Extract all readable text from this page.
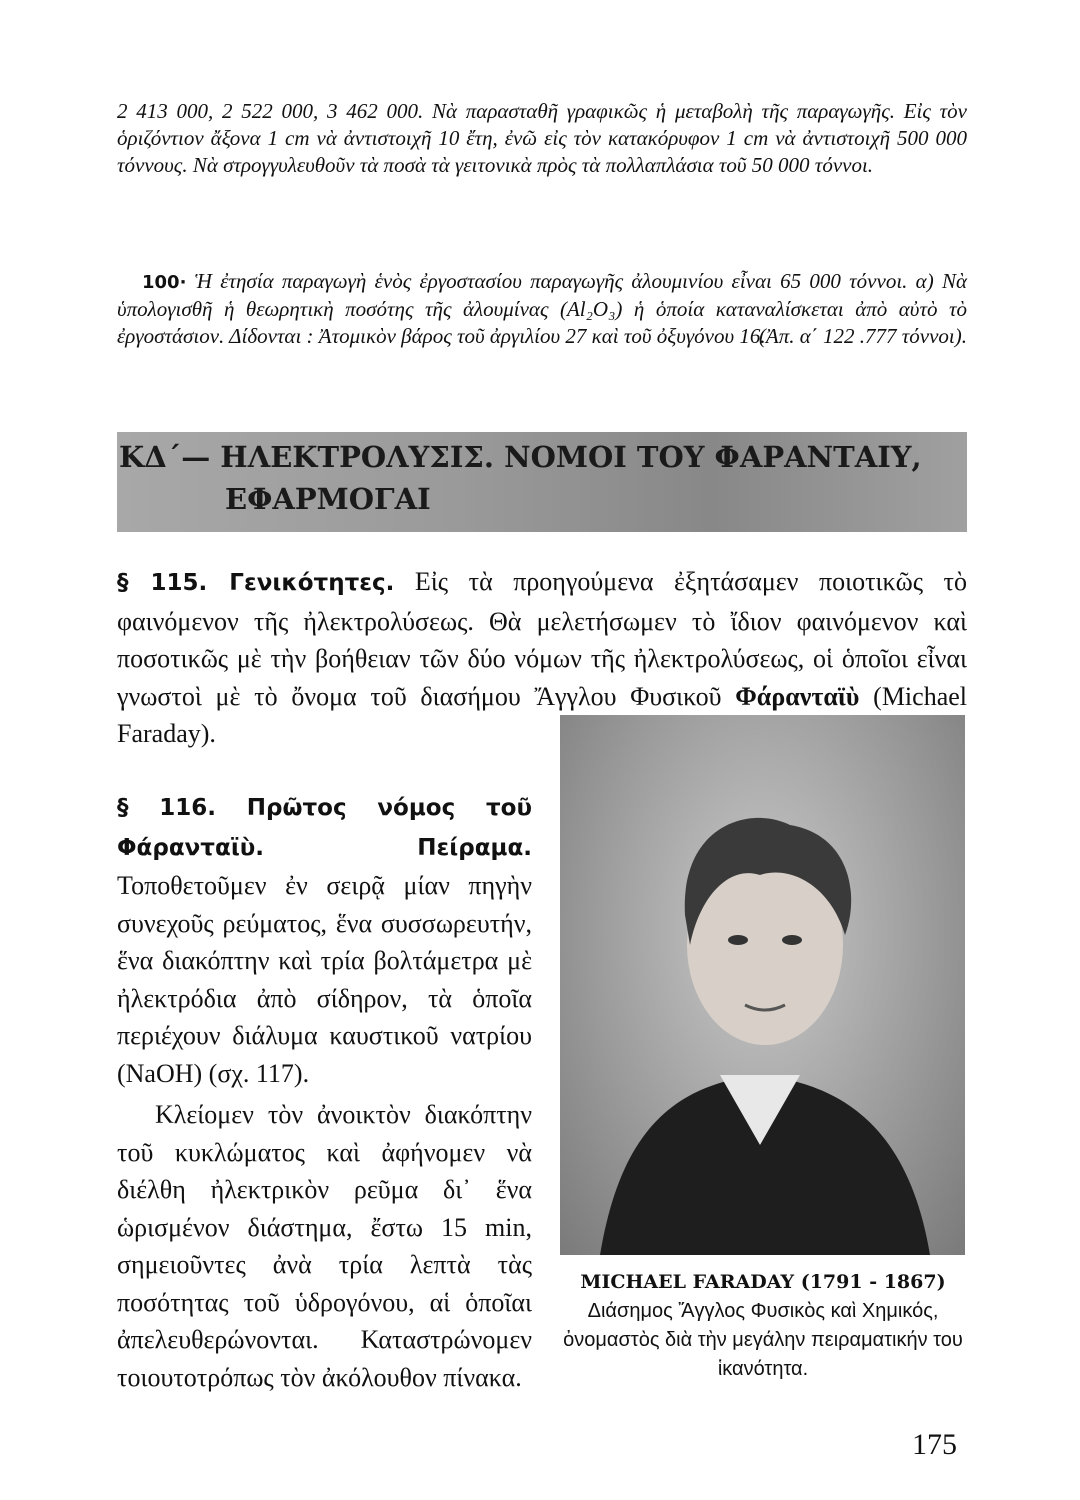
2 413 000, 2 522 000, 3 462 000. Νὰ παρασταθῆ γραφικῶς ἡ μεταβολὴ τῆς παραγωγῆς. Εἰς τὸν ὁριζόντιον ἄξονα 1 cm νὰ ἀντιστοιχῆ 10 ἔτη, ἐνῶ εἰς τὸν κατακόρυφον 1 cm νὰ ἀντιστοιχῆ 500 000 τόννους. Νὰ στρογγυλευθοῦν τὰ ποσὰ τὰ γειτονικὰ πρὸς τὰ πολλαπλάσια τοῦ 50 000 τόννοι.

100· Ἡ ἐτησία παραγωγὴ ἑνὸς ἐργοστασίου παραγωγῆς ἀλουμινίου εἶναι 65 000 τόννοι. α) Νὰ ὑπολογισθῆ ἡ θεωρητικὴ ποσότης τῆς ἀλουμίνας (Al₂O₃) ἡ ὁποία καταναλίσκεται ἀπὸ αὐτὸ τὸ ἐργοστάσιον. Δίδονται : Ἀτομικὸν βάρος τοῦ ἀργιλίου 27 καὶ τοῦ ὀξυγόνου 16.

(Ἀπ. α΄ 122 .777 τόννοι).

ΚΔ΄— ΗΛΕΚΤΡΟΛΥΣΙΣ. ΝΟΜΟΙ ΤΟΥ ΦΑΡΑΝΤΑΙΥ,
ΕΦΑΡΜΟΓΑΙ

§ 115. Γενικότητες. Εἰς τὰ προηγούμενα ἐξητάσαμεν ποιοτικῶς τὸ φαινόμενον τῆς ἠλεκτρολύσεως. Θὰ μελετήσωμεν τὸ ἴδιον φαινόμενον καὶ ποσοτικῶς μὲ τὴν βοήθειαν τῶν δύο νόμων τῆς ἠλεκτρολύσεως, οἱ ὁποῖοι εἶναι γνωστοὶ μὲ τὸ ὄνομα τοῦ διασήμου Ἄγγλου Φυσικοῦ Φάρανταϊὺ (Michael Faraday).

§ 116. Πρῶτος νόμος τοῦ Φάρανταϊὺ. Πείραμα. Τοποθετοῦμεν ἐν σειρᾷ μίαν πηγὴν συνεχοῦς ρεύματος, ἕνα συσσωρευτήν, ἕνα διακόπτην καὶ τρία βολτάμετρα μὲ ἠλεκτρόδια ἀπὸ σίδηρον, τὰ ὁποῖα περιέχουν διάλυμα καυστικοῦ νατρίου (NaOH) (σχ. 117).

Κλείομεν τὸν ἀνοικτὸν διακόπτην τοῦ κυκλώματος καὶ ἀφήνομεν νὰ διέλθη ἠλεκτρικὸν ρεῦμα δι᾽ ἕνα ὡρισμένον διάστημα, ἔστω 15 min, σημειοῦντες ἀνὰ τρία λεπτὰ τὰς ποσότητας τοῦ ὑδρογόνου, αἱ ὁποῖαι ἀπελευθερώνονται. Καταστρώνομεν τοιουτοτρόπως τὸν ἀκόλουθον πίνακα.

MICHAEL FARADAY (1791 - 1867)
Διάσημος Ἄγγλος Φυσικὸς καὶ Χημικός, ὀνομαστὸς διὰ τὴν μεγάλην πειραματικήν του ἱκανότητα.
175
